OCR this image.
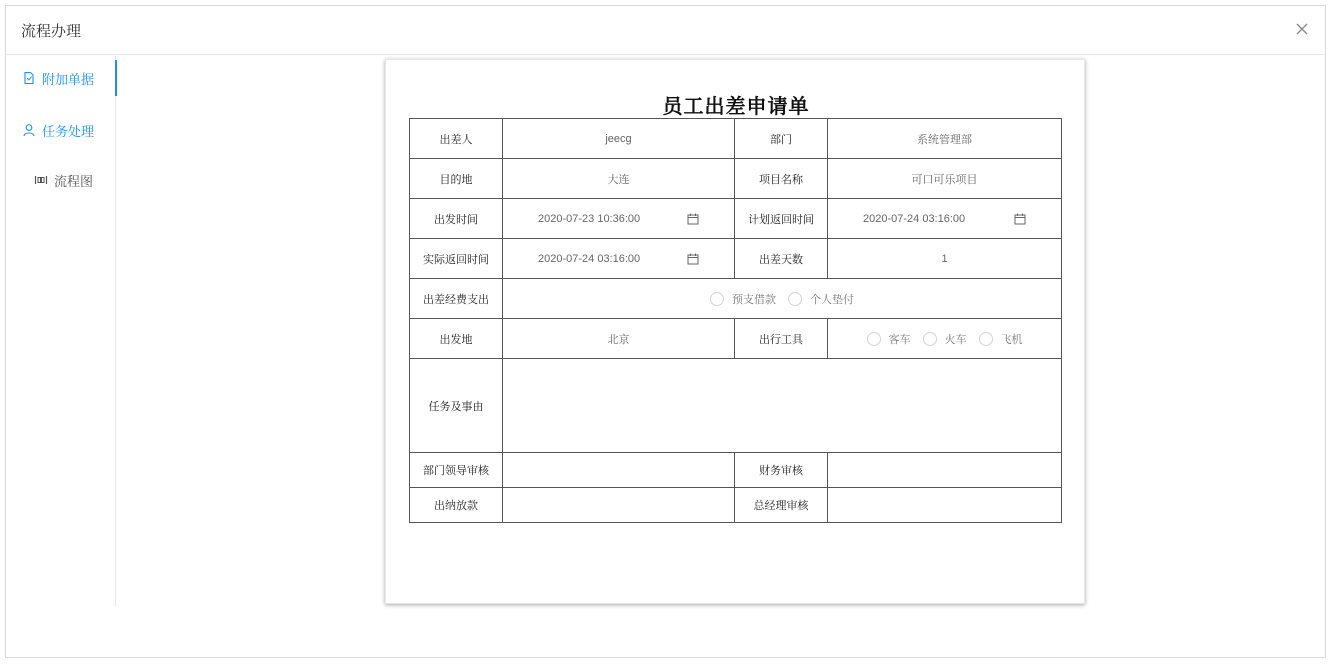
流程办理
附加单据
任务处理
流程图
员工出差申请单
出差人	jeecg	部门	系统管理部
目的地	大连	项目名称	可口可乐项目
出发时间	2020-07-23 10:36:00	计划返回时间	2020-07-24 03:16:00

实际返回时间	2020-07-24 03:16:00	出差天数	1
出差经费支出	预支借款 个人垫付		

出发地	北京	出行工具	客车 火车 飞机

任务及事由			
部门领导审核		财务审核	
出纳放款		总经理审核	
